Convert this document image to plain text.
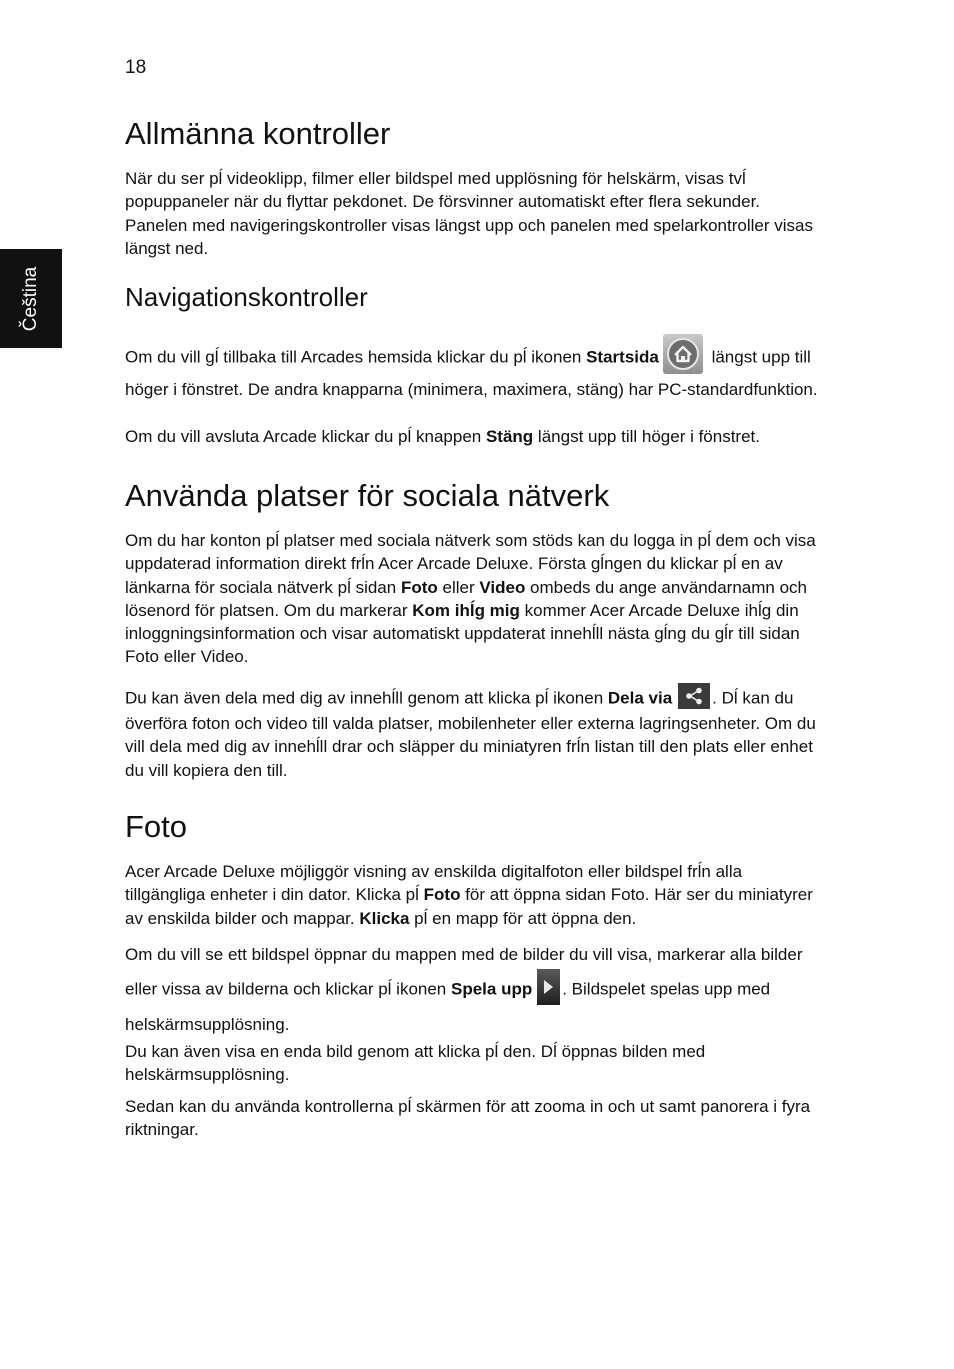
18
Čeština
Allmänna kontroller

När du ser pĺ videoklipp, filmer eller bildspel med upplösning för helskärm, visas tvĺ popuppaneler när du flyttar pekdonet. De försvinner automatiskt efter flera sekunder. Panelen med navigeringskontroller visas längst upp och panelen med spelarkontroller visas längst ned.

Navigationskontroller

Om du vill gĺ tillbaka till Arcades hemsida klickar du pĺ ikonen Startsida	längst upp till höger i fönstret. De andra knapparna (minimera, maximera, stäng) har PC-standardfunktion.

Om du vill avsluta Arcade klickar du pĺ knappen Stäng längst upp till höger i fönstret.

Använda platser för sociala nätverk

Om du har konton pĺ platser med sociala nätverk som stöds kan du logga in pĺ dem och visa uppdaterad information direkt frĺn Acer Arcade Deluxe. Första gĺngen du klickar pĺ en av länkarna för sociala nätverk pĺ sidan Foto eller Video ombeds du ange användarnamn och lösenord för platsen. Om du markerar Kom ihĺg mig kommer Acer Arcade Deluxe ihĺg din inloggningsinformation och visar automatiskt uppdaterat innehĺll nästa gĺng du gĺr till sidan Foto eller Video.

Du kan även dela med dig av innehĺll genom att klicka pĺ ikonen Dela via . Dĺ kan du överföra foton och video till valda platser, mobilenheter eller externa lagringsenheter. Om du vill dela med dig av innehĺll drar och släpper du miniatyren frĺn listan till den plats eller enhet du vill kopiera den till.

Foto

Acer Arcade Deluxe möjliggör visning av enskilda digitalfoton eller bildspel frĺn alla tillgängliga enheter i din dator. Klicka pĺ Foto för att öppna sidan Foto. Här ser du miniatyrer av enskilda bilder och mappar. Klicka pĺ en mapp för att öppna den.

Om du vill se ett bildspel öppnar du mappen med de bilder du vill visa, markerar alla bilder eller vissa av bilderna och klickar pĺ ikonen Spela upp . Bildspelet spelas upp med helskärmsupplösning.

Du kan även visa en enda bild genom att klicka pĺ den. Dĺ öppnas bilden med helskärmsupplösning.

Sedan kan du använda kontrollerna pĺ skärmen för att zooma in och ut samt panorera i fyra riktningar.
